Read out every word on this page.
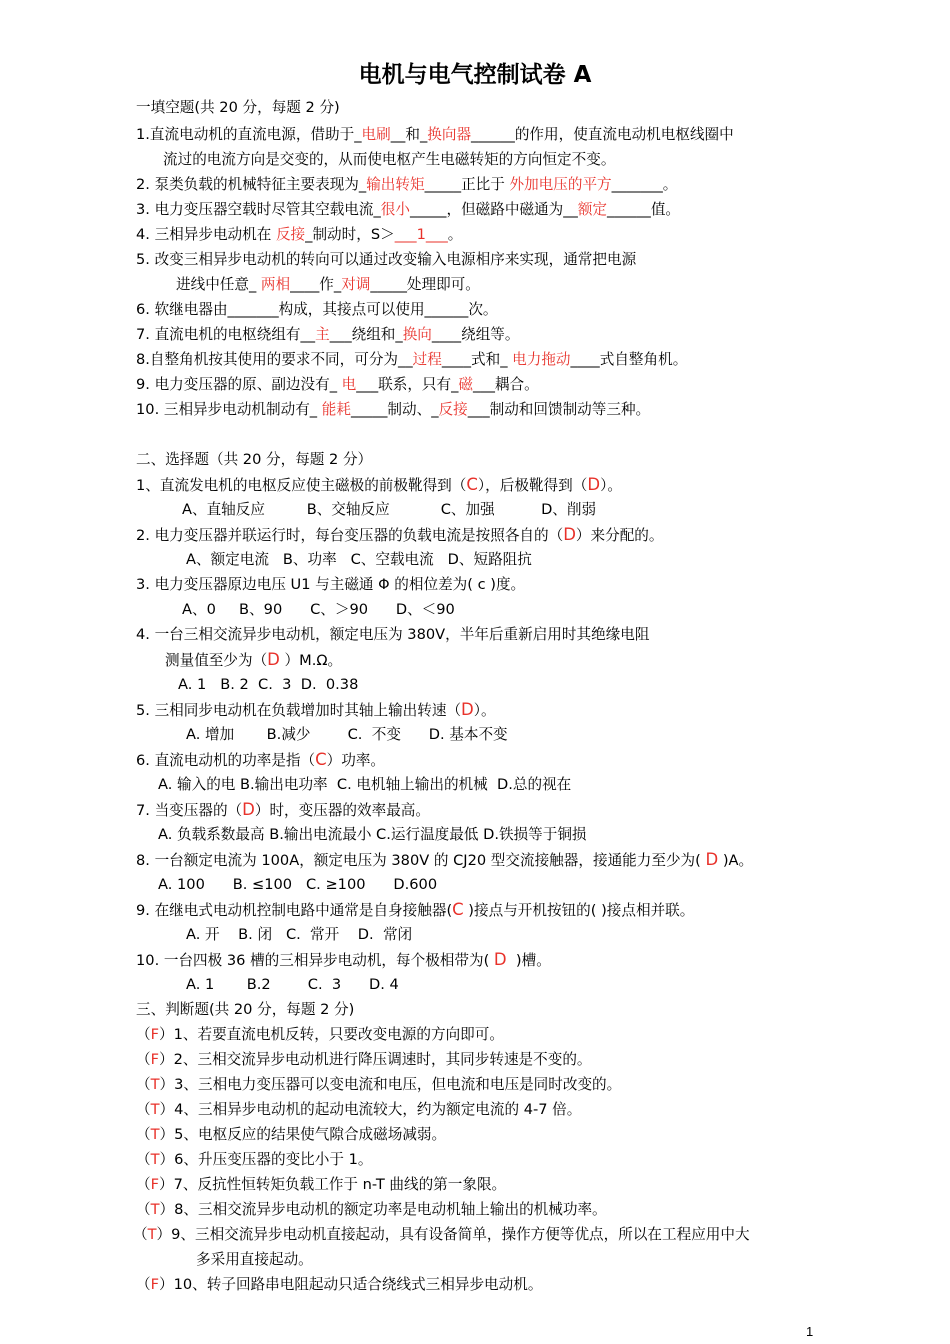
电机与电气控制试卷 A
一填空题(共 20 分，每题 2 分)
1.直流电动机的直流电源，借助于_电刷__和_换向器______的作用，使直流电动机电枢线圈中
流过的电流方向是交变的，从而使电枢产生电磁转矩的方向恒定不变。
2. 泵类负载的机械特征主要表现为_输出转矩_____正比于 外加电压的平方_______。
3. 电力变压器空载时尽管其空载电流_很小_____，但磁路中磁通为__额定______值。
4. 三相异步电动机在 反接_制动时，S＞___1___。
5. 改变三相异步电动机的转向可以通过改变输入电源相序来实现，通常把电源
进线中任意_ 两相____作_对调_____处理即可。
6. 软继电器由_______构成，其接点可以使用______次。
7. 直流电机的电枢绕组有__主___绕组和_换向____绕组等。
8.自整角机按其使用的要求不同，可分为__过程____式和_ 电力拖动____式自整角机。
9. 电力变压器的原、副边没有_ 电___联系，只有_磁___耦合。
10. 三相异步电动机制动有_ 能耗_____制动、_反接___制动和回馈制动等三种。
二、选择题（共 20 分，每题 2 分）
1、直流发电机的电枢反应使主磁极的前极靴得到（C），后极靴得到（D）。
A、直轴反应         B、交轴反应           C、加强          D、削弱
2. 电力变压器并联运行时，每台变压器的负载电流是按照各自的（D）来分配的。
A、额定电流   B、功率   C、空载电流   D、短路阻抗
3. 电力变压器原边电压 U1 与主磁通 Φ 的相位差为( c )度。
A、0     B、90      C、＞90      D、＜90
4. 一台三相交流异步电动机，额定电压为 380V，半年后重新启用时其绝缘电阻
测量值至少为（D ）M.Ω。
A. 1   B. 2  C.  3  D.  0.38
5. 三相同步电动机在负载增加时其轴上输出转速（D）。
A. 增加       B.减少        C.  不变      D. 基本不变
6. 直流电动机的功率是指（C）功率。
A. 输入的电 B.输出电功率  C. 电机轴上输出的机械  D.总的视在
7. 当变压器的（D）时，变压器的效率最高。
A. 负载系数最高 B.输出电流最小 C.运行温度最低 D.铁损等于铜损
8. 一台额定电流为 100A，额定电压为 380V 的 CJ20 型交流接触器，接通能力至少为( D )A。
A. 100      B. ≤100   C. ≥100      D.600
9. 在继电式电动机控制电路中通常是自身接触器(C )接点与开机按钮的( )接点相并联。
A. 开    B. 闭   C.  常开    D.  常闭
10. 一台四极 36 槽的三相异步电动机，每个极相带为( D  )槽。
A. 1       B.2        C.  3      D. 4
三、判断题(共 20 分，每题 2 分)
（F）1、若要直流电机反转，只要改变电源的方向即可。
（F）2、三相交流异步电动机进行降压调速时，其同步转速是不变的。
（T）3、三相电力变压器可以变电流和电压，但电流和电压是同时改变的。
（T）4、三相异步电动机的起动电流较大，约为额定电流的 4-7 倍。
（T）5、电枢反应的结果使气隙合成磁场减弱。
（T）6、升压变压器的变比小于 1。
（F）7、反抗性恒转矩负载工作于 n-T 曲线的第一象限。
（T）8、三相交流异步电动机的额定功率是电动机轴上输出的机械功率。
（T）9、三相交流异步电动机直接起动，具有设备简单，操作方便等优点，所以在工程应用中大
多采用直接起动。
（F）10、转子回路串电阻起动只适合绕线式三相异步电动机。
1
